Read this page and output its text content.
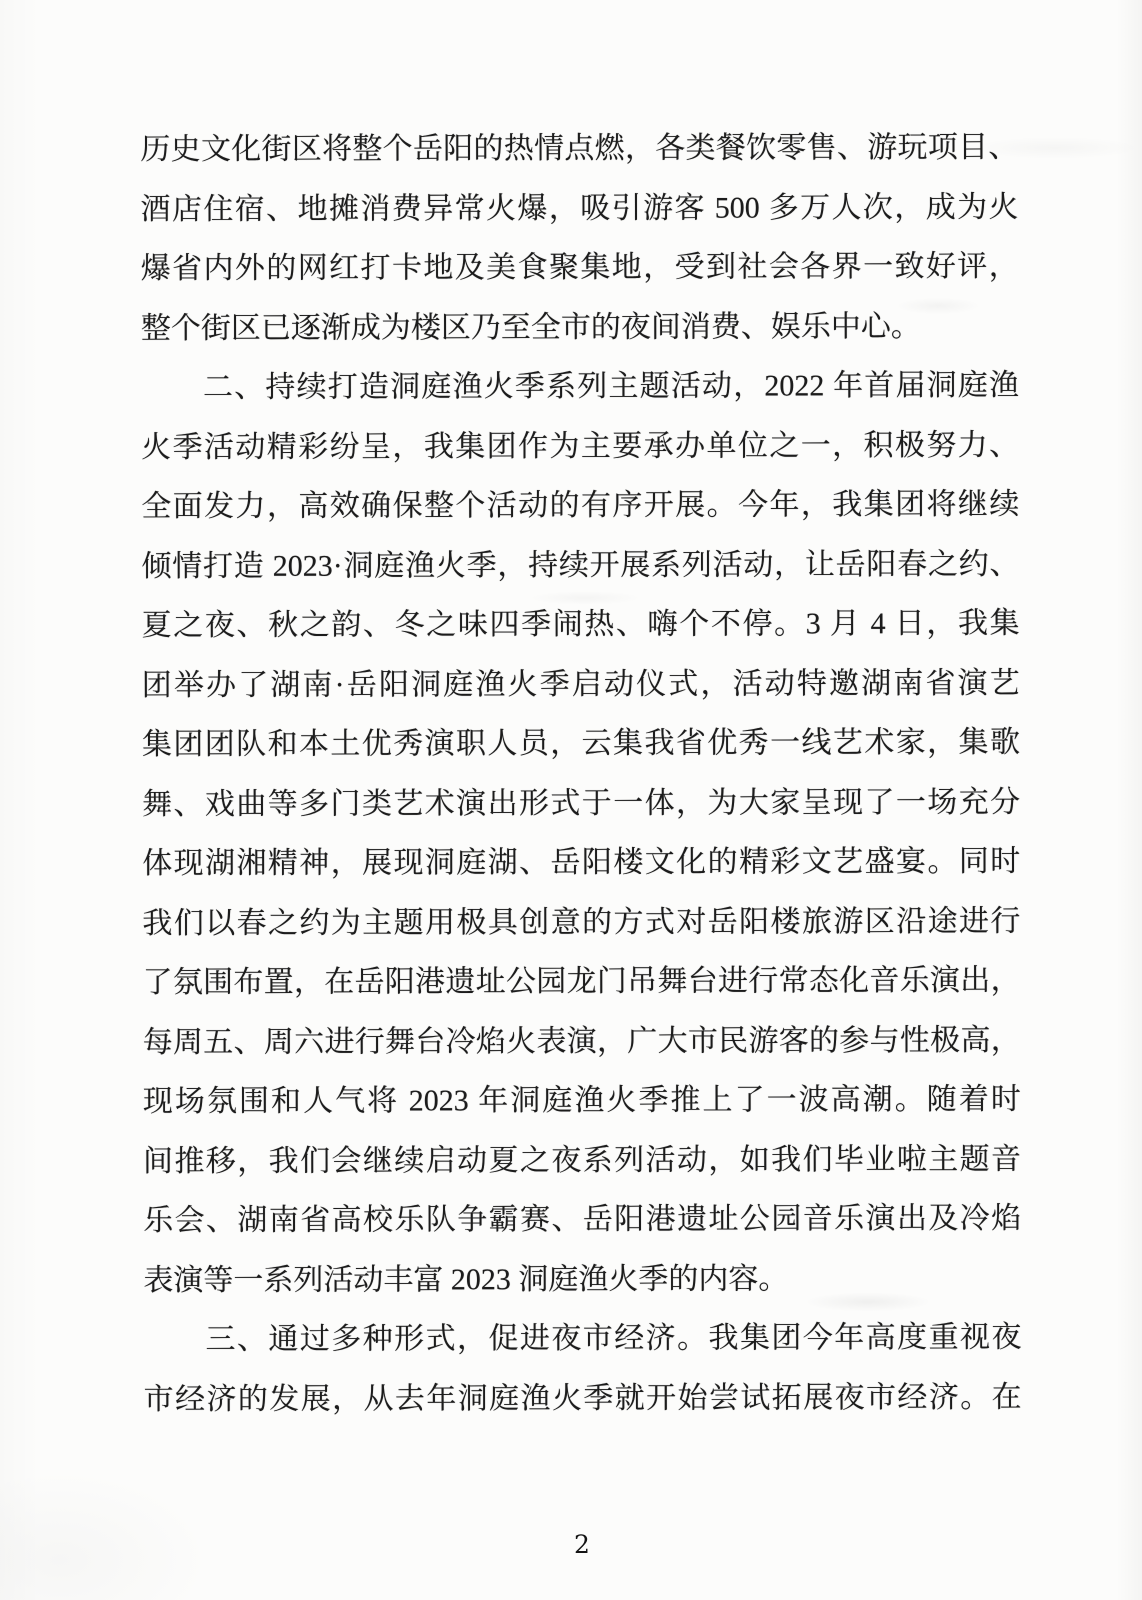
历史文化街区将整个岳阳的热情点燃，各类餐饮零售、游玩项目、
酒店住宿、地摊消费异常火爆，吸引游客 500 多万人次，成为火
爆省内外的网红打卡地及美食聚集地，受到社会各界一致好评，
整个街区已逐渐成为楼区乃至全市的夜间消费、娱乐中心。
二、持续打造洞庭渔火季系列主题活动，2022 年首届洞庭渔
火季活动精彩纷呈，我集团作为主要承办单位之一，积极努力、
全面发力，高效确保整个活动的有序开展。今年，我集团将继续
倾情打造 2023·洞庭渔火季，持续开展系列活动，让岳阳春之约、
夏之夜、秋之韵、冬之味四季闹热、嗨个不停。3 月 4 日，我集
团举办了湖南·岳阳洞庭渔火季启动仪式，活动特邀湖南省演艺
集团团队和本土优秀演职人员，云集我省优秀一线艺术家，集歌
舞、戏曲等多门类艺术演出形式于一体，为大家呈现了一场充分
体现湖湘精神，展现洞庭湖、岳阳楼文化的精彩文艺盛宴。同时
我们以春之约为主题用极具创意的方式对岳阳楼旅游区沿途进行
了氛围布置，在岳阳港遗址公园龙门吊舞台进行常态化音乐演出，
每周五、周六进行舞台冷焰火表演，广大市民游客的参与性极高，
现场氛围和人气将 2023 年洞庭渔火季推上了一波高潮。随着时
间推移，我们会继续启动夏之夜系列活动，如我们毕业啦主题音
乐会、湖南省高校乐队争霸赛、岳阳港遗址公园音乐演出及冷焰
表演等一系列活动丰富 2023 洞庭渔火季的内容。
三、通过多种形式，促进夜市经济。我集团今年高度重视夜
市经济的发展，从去年洞庭渔火季就开始尝试拓展夜市经济。在
2
